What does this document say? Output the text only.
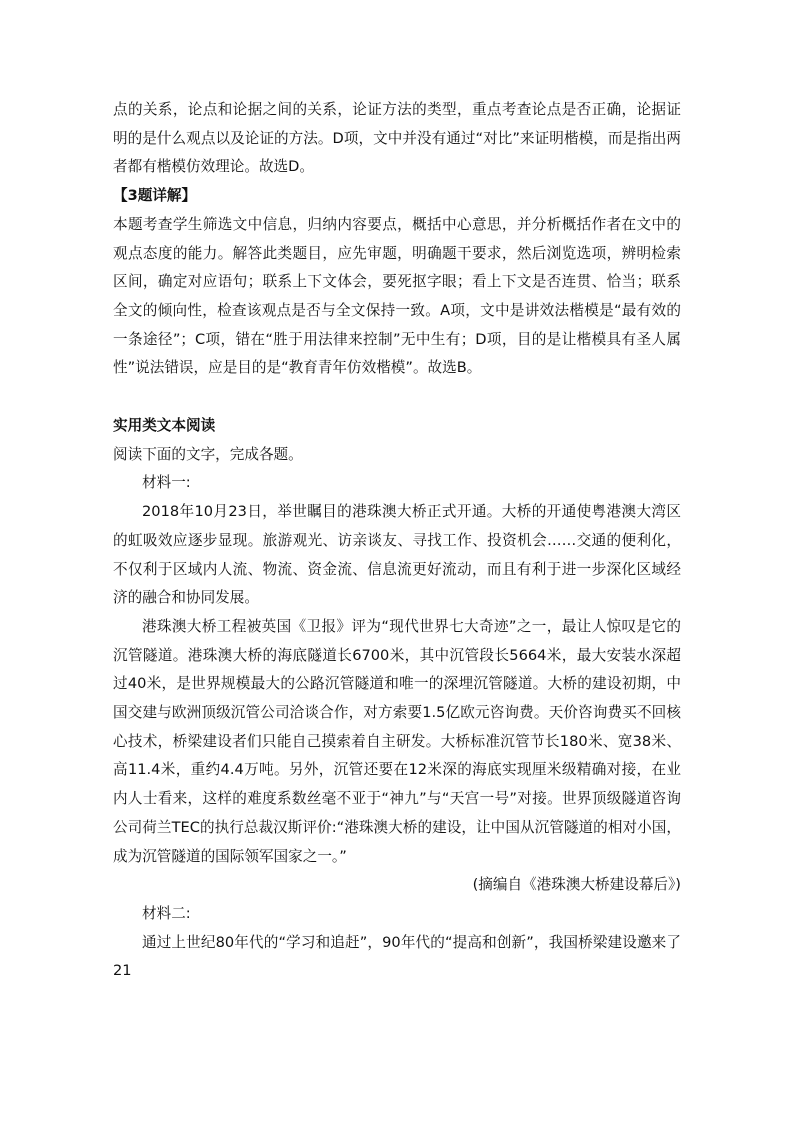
点的关系，论点和论据之间的关系，论证方法的类型，重点考查论点是否正确，论据证明的是什么观点以及论证的方法。D项，文中并没有通过“对比”来证明楷模，而是指出两者都有楷模仿效理论。故选D。

【3题详解】

本题考查学生筛选文中信息，归纳内容要点，概括中心意思，并分析概括作者在文中的观点态度的能力。解答此类题目，应先审题，明确题干要求，然后浏览选项，辨明检索区间，确定对应语句；联系上下文体会，要死抠字眼；看上下文是否连贯、恰当；联系全文的倾向性，检查该观点是否与全文保持一致。A项，文中是讲效法楷模是“最有效的一条途径”；C项，错在“胜于用法律来控制”无中生有；D项，目的是让楷模具有圣人属性”说法错误，应是目的是“教育青年仿效楷模”。故选B。

实用类文本阅读

阅读下面的文字，完成各题。

材料一:

2018年10月23日，举世瞩目的港珠澳大桥正式开通。大桥的开通使粤港澳大湾区的虹吸效应逐步显现。旅游观光、访亲谈友、寻找工作、投资机会……交通的便利化，不仅利于区域内人流、物流、资金流、信息流更好流动，而且有利于进一步深化区域经济的融合和协同发展。

港珠澳大桥工程被英国《卫报》评为“现代世界七大奇迹”之一，最让人惊叹是它的沉管隧道。港珠澳大桥的海底隧道长6700米，其中沉管段长5664米，最大安装水深超过40米，是世界规模最大的公路沉管隧道和唯一的深埋沉管隧道。大桥的建设初期，中国交建与欧洲顶级沉管公司洽谈合作，对方索要1.5亿欧元咨询费。天价咨询费买不回核心技术，桥梁建设者们只能自己摸索着自主研发。大桥标准沉管节长180米、宽38米、高11.4米，重约4.4万吨。另外，沉管还要在12米深的海底实现厘米级精确对接，在业内人士看来，这样的难度系数丝毫不亚于“神九”与“天宫一号”对接。世界顶级隧道咨询公司荷兰TEC的执行总裁汉斯评价:“港珠澳大桥的建设，让中国从沉管隧道的相对小国，成为沉管隧道的国际领军国家之一。”

(摘编自《港珠澳大桥建设幕后》)

材料二:

通过上世纪80年代的“学习和追赶”，90年代的“提高和创新”，我国桥梁建设邀来了21
